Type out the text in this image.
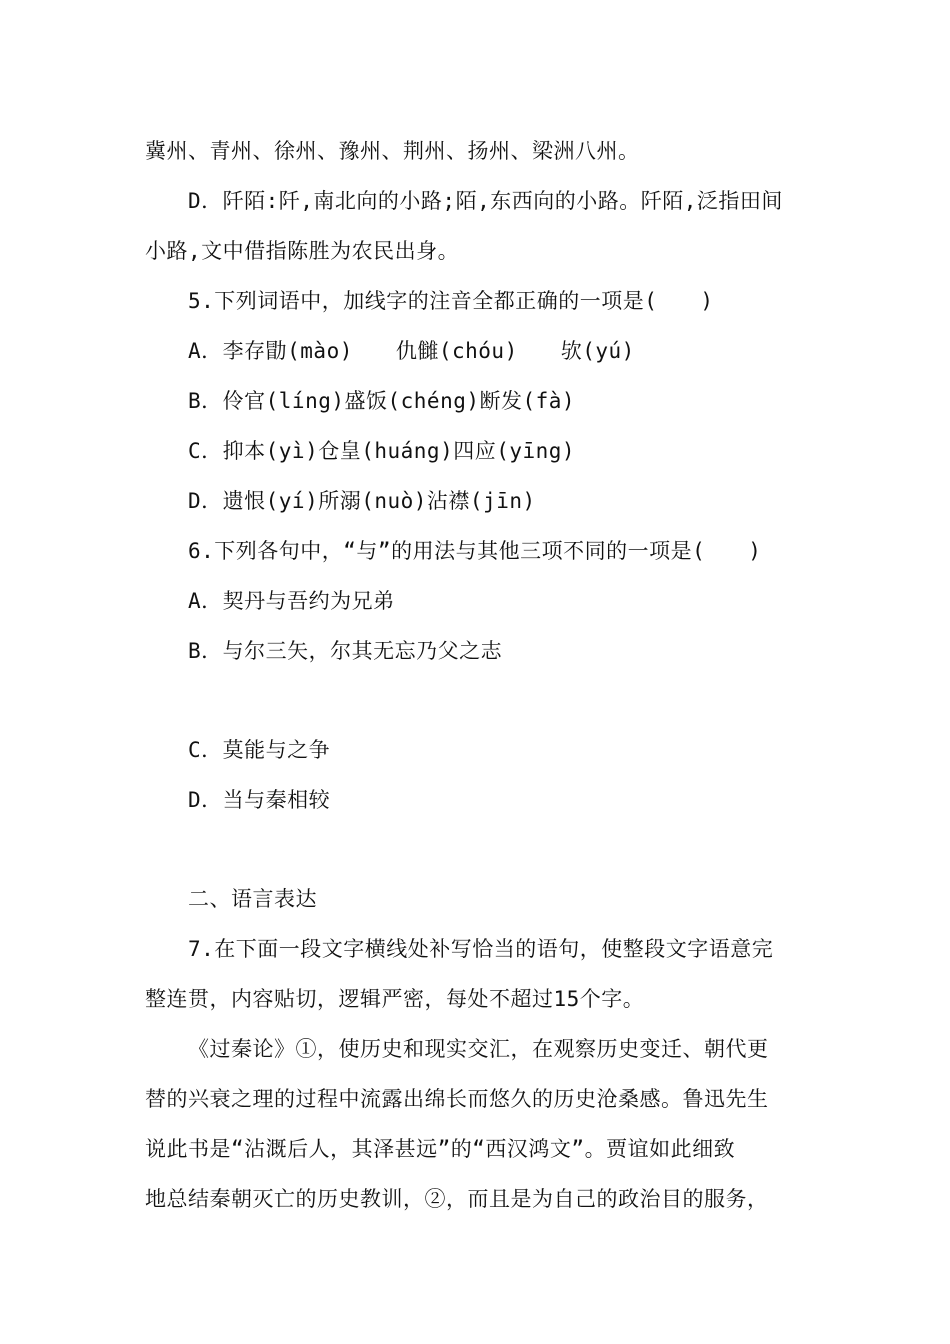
冀州、青州、徐州、豫州、荆州、扬州、梁洲八州。
D．阡陌:阡,南北向的小路;陌,东西向的小路。阡陌,泛指田间
小路,文中借指陈胜为农民出身。
5.下列词语中，加线字的注音全都正确的一项是(　　)
A．李存勖(mào)　　仇雠(chóu)　　欤(yú)
B．伶官(líng)盛饭(chéng)断发(fà)
C．抑本(yì)仓皇(huáng)四应(yīng)
D．遗恨(yí)所溺(nuò)沾襟(jīn)
6.下列各句中，“与”的用法与其他三项不同的一项是(　　)
A．契丹与吾约为兄弟
B．与尔三矢，尔其无忘乃父之志
C．莫能与之争
D．当与秦相较
二、语言表达
7.在下面一段文字横线处补写恰当的语句，使整段文字语意完
整连贯，内容贴切，逻辑严密，每处不超过15个字。
《过秦论》①，使历史和现实交汇，在观察历史变迁、朝代更
替的兴衰之理的过程中流露出绵长而悠久的历史沧桑感。鲁迅先生
说此书是“沾溉后人，其泽甚远”的“西汉鸿文”。贾谊如此细致
地总结秦朝灭亡的历史教训，②，而且是为自己的政治目的服务，
